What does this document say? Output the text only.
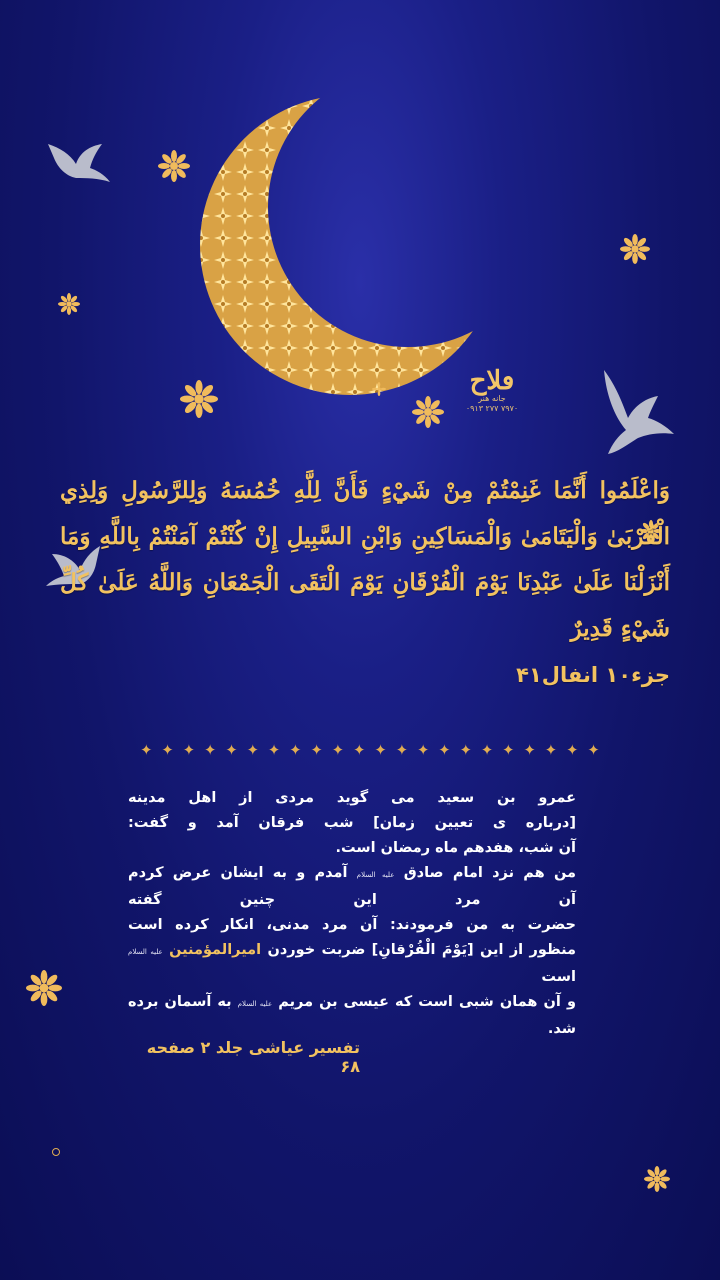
ڡلاح
جانه هنر
۰۹۱۳ ۲۷۷ ۷۹۷۰
وَاعْلَمُوا أَنَّمَا غَنِمْتُمْ مِنْ شَيْءٍ فَأَنَّ لِلَّهِ خُمُسَهُ وَلِلرَّسُولِ وَلِذِي الْقُرْبَىٰ وَالْيَتَامَىٰ وَالْمَسَاكِينِ وَابْنِ السَّبِيلِ إِنْ كُنْتُمْ آمَنْتُمْ بِاللَّهِ وَمَا أَنْزَلْنَا عَلَىٰ عَبْدِنَا يَوْمَ الْفُرْقَانِ يَوْمَ الْتَقَى الْجَمْعَانِ وَاللَّهُ عَلَىٰ كُلِّ شَيْءٍ قَدِيرٌ
جزء۱۰ انفال۴۱
✦ ✦ ✦ ✦ ✦ ✦ ✦ ✦ ✦ ✦ ✦ ✦ ✦ ✦ ✦ ✦ ✦ ✦ ✦ ✦ ✦ ✦
عمرو بن سعید می گوید مردی از اهل مدینه
[درباره ی تعیین زمان] شب فرقان آمد و گفت:
آن شب، هفدهم ماه رمضان است.
من هم نزد امام صادق علیه السلام آمدم و به ایشان عرض کردم
آن مرد این چنین گفته
حضرت به من فرمودند: آن مرد مدنی، انکار کرده است
منظور از این [یَوْمَ الْفُرْقانِ] ضربت خوردن امیرالمؤمنین علیه السلام است
و آن همان شبی است که عیسی بن مریم علیه السلام به آسمان برده شد.
تفسیر عیاشی جلد ۲ صفحه ۶۸
